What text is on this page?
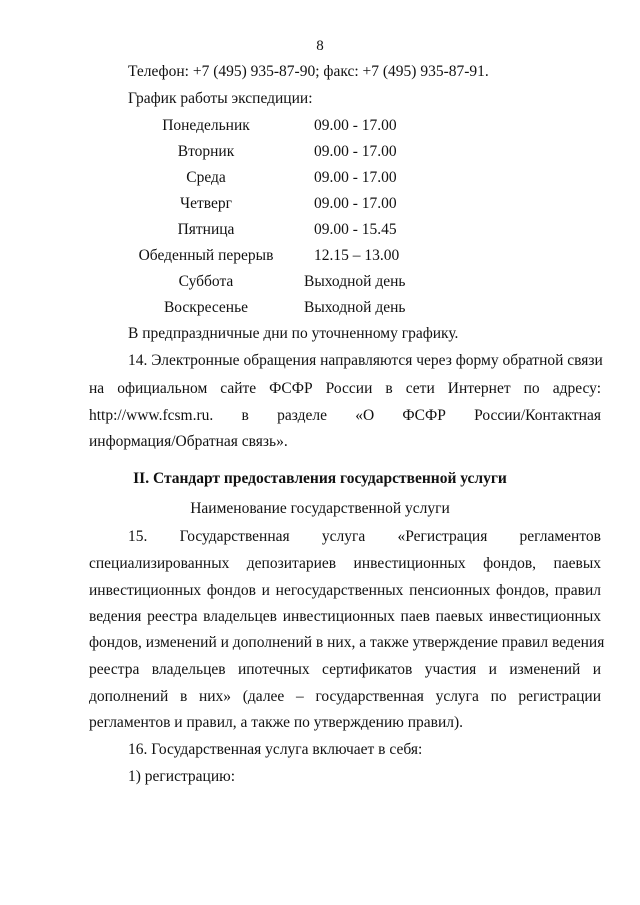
8
Телефон: +7 (495) 935-87-90; факс: +7 (495) 935-87-91.
График работы экспедиции:
Понедельник	09.00 - 17.00
Вторник	09.00 - 17.00
Среда	09.00 - 17.00
Четверг	09.00 - 17.00
Пятница	09.00 - 15.45
Обеденный перерыв	12.15 – 13.00
Суббота	Выходной день
Воскресенье	Выходной день
В предпраздничные дни по уточненному графику.
14. Электронные обращения направляются через форму обратной связи
на официальном сайте ФСФР России в сети Интернет по адресу:
http://www.fcsm.ru. в разделе «О ФСФР России/Контактная
информация/Обратная связь».
II. Стандарт предоставления государственной услуги
Наименование государственной услуги
15. Государственная услуга «Регистрация регламентов
специализированных депозитариев инвестиционных фондов, паевых
инвестиционных фондов и негосударственных пенсионных фондов, правил
ведения реестра владельцев инвестиционных паев паевых инвестиционных
фондов, изменений и дополнений в них, а также утверждение правил ведения
реестра владельцев ипотечных сертификатов участия и изменений и
дополнений в них» (далее – государственная услуга по регистрации
регламентов и правил, а также по утверждению правил).
16. Государственная услуга включает в себя:
1) регистрацию:
